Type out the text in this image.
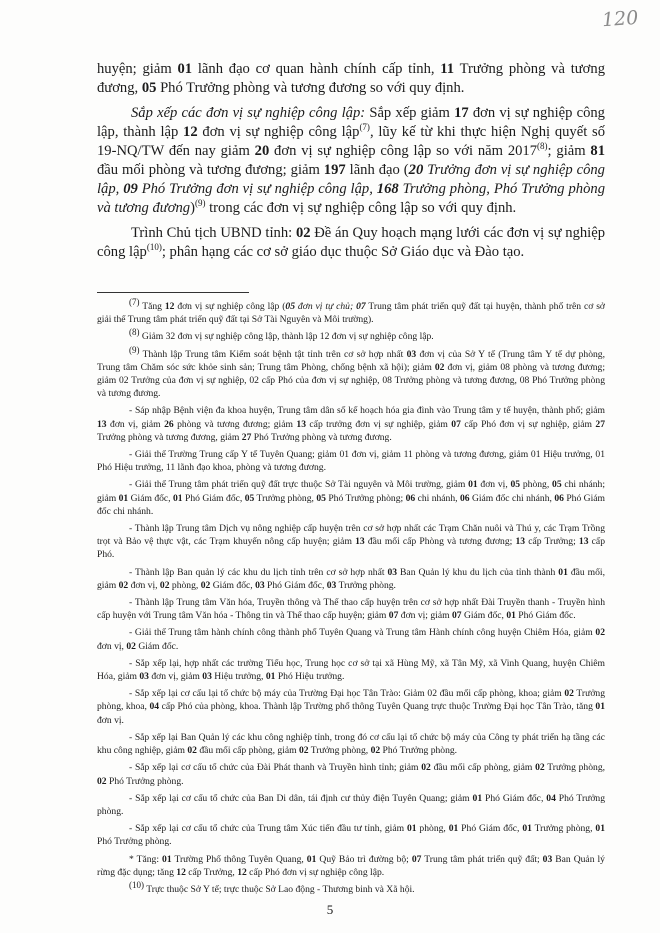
120

huyện; giảm 01 lãnh đạo cơ quan hành chính cấp tỉnh, 11 Trưởng phòng và tương đương, 05 Phó Trưởng phòng và tương đương so với quy định.

Sắp xếp các đơn vị sự nghiệp công lập: Sắp xếp giảm 17 đơn vị sự nghiệp công lập, thành lập 12 đơn vị sự nghiệp công lập$^{(7)}$, lũy kế từ khi thực hiện Nghị quyết số 19-NQ/TW đến nay giảm 20 đơn vị sự nghiệp công lập so với năm 2017$^{(8)}$; giảm 81 đầu mối phòng và tương đương; giảm 197 lãnh đạo (20 Trưởng đơn vị sự nghiệp công lập, 09 Phó Trưởng đơn vị sự nghiệp công lập, 168 Trưởng phòng, Phó Trưởng phòng và tương đương)$^{(9)}$ trong các đơn vị sự nghiệp công lập so với quy định.

Trình Chủ tịch UBND tỉnh: 02 Đề án Quy hoạch mạng lưới các đơn vị sự nghiệp công lập$^{(10)}$; phân hạng các cơ sở giáo dục thuộc Sở Giáo dục và Đào tạo.

$^{(7)}$ Tăng 12 đơn vị sự nghiệp công lập (05 đơn vị tự chủ; 07 Trung tâm phát triển quỹ đất tại huyện, thành phố trên cơ sở giải thể Trung tâm phát triển quỹ đất tại Sở Tài Nguyên và Môi trường).

$^{(8)}$ Giảm 32 đơn vị sự nghiệp công lập, thành lập 12 đơn vị sự nghiệp công lập.

$^{(9)}$ Thành lập Trung tâm Kiểm soát bệnh tật tỉnh trên cơ sở hợp nhất 03 đơn vị của Sở Y tế (Trung tâm Y tế dự phòng, Trung tâm Chăm sóc sức khỏe sinh sản; Trung tâm Phòng, chống bệnh xã hội); giảm 02 đơn vị, giảm 08 phòng và tương đương; giảm 02 Trưởng của đơn vị sự nghiệp, 02 cấp Phó của đơn vị sự nghiệp, 08 Trưởng phòng và tương đương, 08 Phó Trưởng phòng và tương đương.

- Sáp nhập Bệnh viện đa khoa huyện, Trung tâm dân số kế hoạch hóa gia đình vào Trung tâm y tế huyện, thành phố; giảm 13 đơn vị, giảm 26 phòng và tương đương; giảm 13 cấp trưởng đơn vị sự nghiệp, giảm 07 cấp Phó đơn vị sự nghiệp, giảm 27 Trưởng phòng và tương đương, giảm 27 Phó Trưởng phòng và tương đương.

- Giải thể Trường Trung cấp Y tế Tuyên Quang; giảm 01 đơn vị, giảm 11 phòng và tương đương, giảm 01 Hiệu trưởng, 01 Phó Hiệu trưởng, 11 lãnh đạo khoa, phòng và tương đương.

- Giải thể Trung tâm phát triển quỹ đất trực thuộc Sở Tài nguyên và Môi trường, giảm 01 đơn vị, 05 phòng, 05 chi nhánh; giảm 01 Giám đốc, 01 Phó Giám đốc, 05 Trưởng phòng, 05 Phó Trưởng phòng; 06 chi nhánh, 06 Giám đốc chi nhánh, 06 Phó Giám đốc chi nhánh.

- Thành lập Trung tâm Dịch vụ nông nghiệp cấp huyện trên cơ sở hợp nhất các Trạm Chăn nuôi và Thú y, các Trạm Trồng trọt và Bảo vệ thực vật, các Trạm khuyến nông cấp huyện; giảm 13 đầu mối cấp Phòng và tương đương; 13 cấp Trưởng; 13 cấp Phó.

- Thành lập Ban quản lý các khu du lịch tỉnh trên cơ sở hợp nhất 03 Ban Quản lý khu du lịch của tỉnh thành 01 đầu mối, giảm 02 đơn vị, 02 phòng, 02 Giám đốc, 03 Phó Giám đốc, 03 Trưởng phòng.

- Thành lập Trung tâm Văn hóa, Truyền thông và Thể thao cấp huyện trên cơ sở hợp nhất Đài Truyền thanh - Truyền hình cấp huyện với Trung tâm Văn hóa - Thông tin và Thể thao cấp huyện; giảm 07 đơn vị; giảm 07 Giám đốc, 01 Phó Giám đốc.

- Giải thể Trung tâm hành chính công thành phố Tuyên Quang và Trung tâm Hành chính công huyện Chiêm Hóa, giảm 02 đơn vị, 02 Giám đốc.

- Sắp xếp lại, hợp nhất các trường Tiểu học, Trung học cơ sở tại xã Hùng Mỹ, xã Tân Mỹ, xã Vinh Quang, huyện Chiêm Hóa, giảm 03 đơn vị, giảm 03 Hiệu trưởng, 01 Phó Hiệu trưởng.

- Sắp xếp lại cơ cấu lại tổ chức bộ máy của Trường Đại học Tân Trào: Giảm 02 đầu mối cấp phòng, khoa; giảm 02 Trưởng phòng, khoa, 04 cấp Phó của phòng, khoa. Thành lập Trường phổ thông Tuyên Quang trực thuộc Trường Đại học Tân Trào, tăng 01 đơn vị.

- Sắp xếp lại Ban Quản lý các khu công nghiệp tỉnh, trong đó cơ cấu lại tổ chức bộ máy của Công ty phát triển hạ tầng các khu công nghiệp, giảm 02 đầu mối cấp phòng, giảm 02 Trưởng phòng, 02 Phó Trưởng phòng.

- Sắp xếp lại cơ cấu tổ chức của Đài Phát thanh và Truyền hình tỉnh; giảm 02 đầu mối cấp phòng, giảm 02 Trưởng phòng, 02 Phó Trưởng phòng.

- Sắp xếp lại cơ cấu tổ chức của Ban Di dân, tái định cư thủy điện Tuyên Quang; giảm 01 Phó Giám đốc, 04 Phó Trưởng phòng.

- Sắp xếp lại cơ cấu tổ chức của Trung tâm Xúc tiến đầu tư tỉnh, giảm 01 phòng, 01 Phó Giám đốc, 01 Trưởng phòng, 01 Phó Trưởng phòng.

* Tăng: 01 Trường Phổ thông Tuyên Quang, 01 Quỹ Bảo trì đường bộ; 07 Trung tâm phát triển quỹ đất; 03 Ban Quản lý rừng đặc dụng; tăng 12 cấp Trưởng, 12 cấp Phó đơn vị sự nghiệp công lập.

$^{(10)}$ Trực thuộc Sở Y tế; trực thuộc Sở Lao động - Thương binh và Xã hội.

5
